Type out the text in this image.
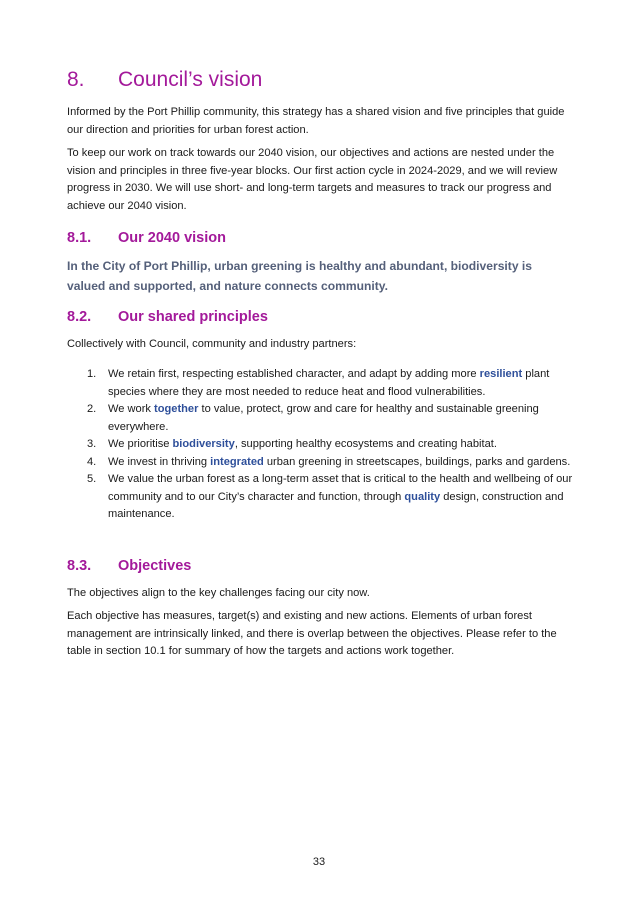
8. Council’s vision

Informed by the Port Phillip community, this strategy has a shared vision and five principles that guide our direction and priorities for urban forest action.

To keep our work on track towards our 2040 vision, our objectives and actions are nested under the vision and principles in three five-year blocks. Our first action cycle in 2024-2029, and we will review progress in 2030. We will use short- and long-term targets and measures to track our progress and achieve our 2040 vision.

8.1. Our 2040 vision

In the City of Port Phillip, urban greening is healthy and abundant, biodiversity is valued and supported, and nature connects community.

8.2. Our shared principles

Collectively with Council, community and industry partners:

1. We retain first, respecting established character, and adapt by adding more resilient plant species where they are most needed to reduce heat and flood vulnerabilities.
2. We work together to value, protect, grow and care for healthy and sustainable greening everywhere.
3. We prioritise biodiversity, supporting healthy ecosystems and creating habitat.
4. We invest in thriving integrated urban greening in streetscapes, buildings, parks and gardens.
5. We value the urban forest as a long-term asset that is critical to the health and wellbeing of our community and to our City’s character and function, through quality design, construction and maintenance.
8.3. Objectives

The objectives align to the key challenges facing our city now.

Each objective has measures, target(s) and existing and new actions. Elements of urban forest management are intrinsically linked, and there is overlap between the objectives. Please refer to the table in section 10.1 for summary of how the targets and actions work together.

33
